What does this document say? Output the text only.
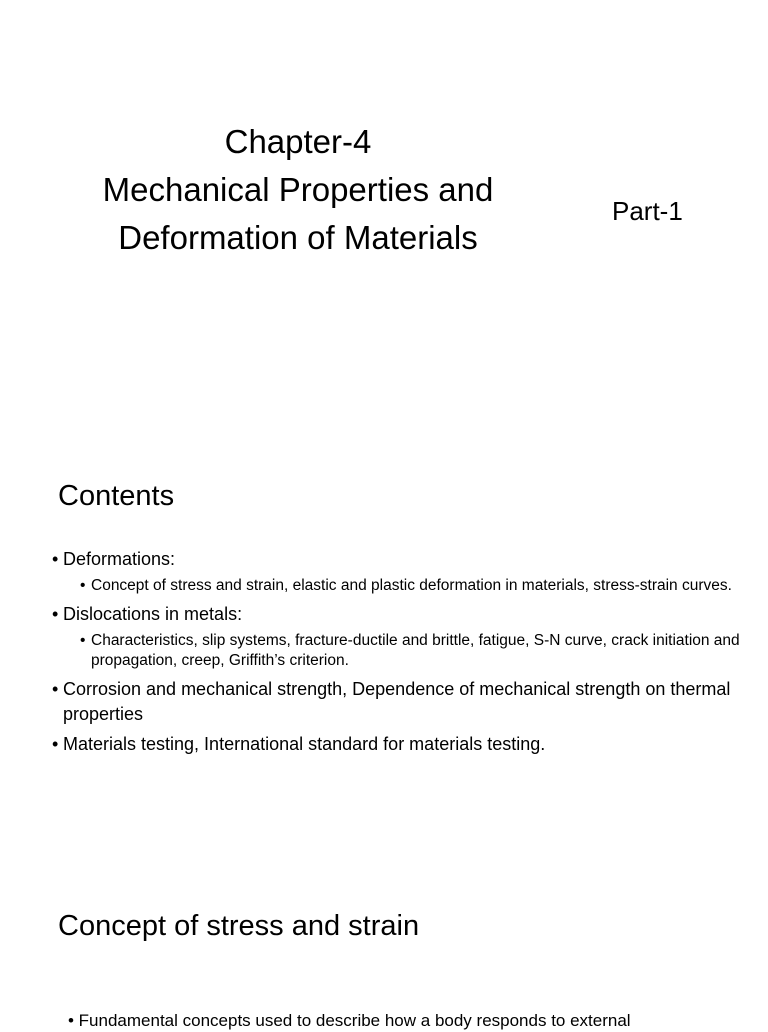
Chapter-4
Mechanical Properties and
Deformation of Materials
Part-1
Contents
• Deformations:
• Concept of stress and strain, elastic and plastic deformation in materials, stress-strain curves.
• Dislocations in metals:
• Characteristics, slip systems, fracture-ductile and brittle, fatigue, S-N curve, crack initiation and propagation, creep, Griffith’s criterion.
• Corrosion and mechanical strength, Dependence of mechanical strength on thermal properties
• Materials testing, International standard for materials testing.
Concept of stress and strain
• Fundamental concepts used to describe how a body responds to external
